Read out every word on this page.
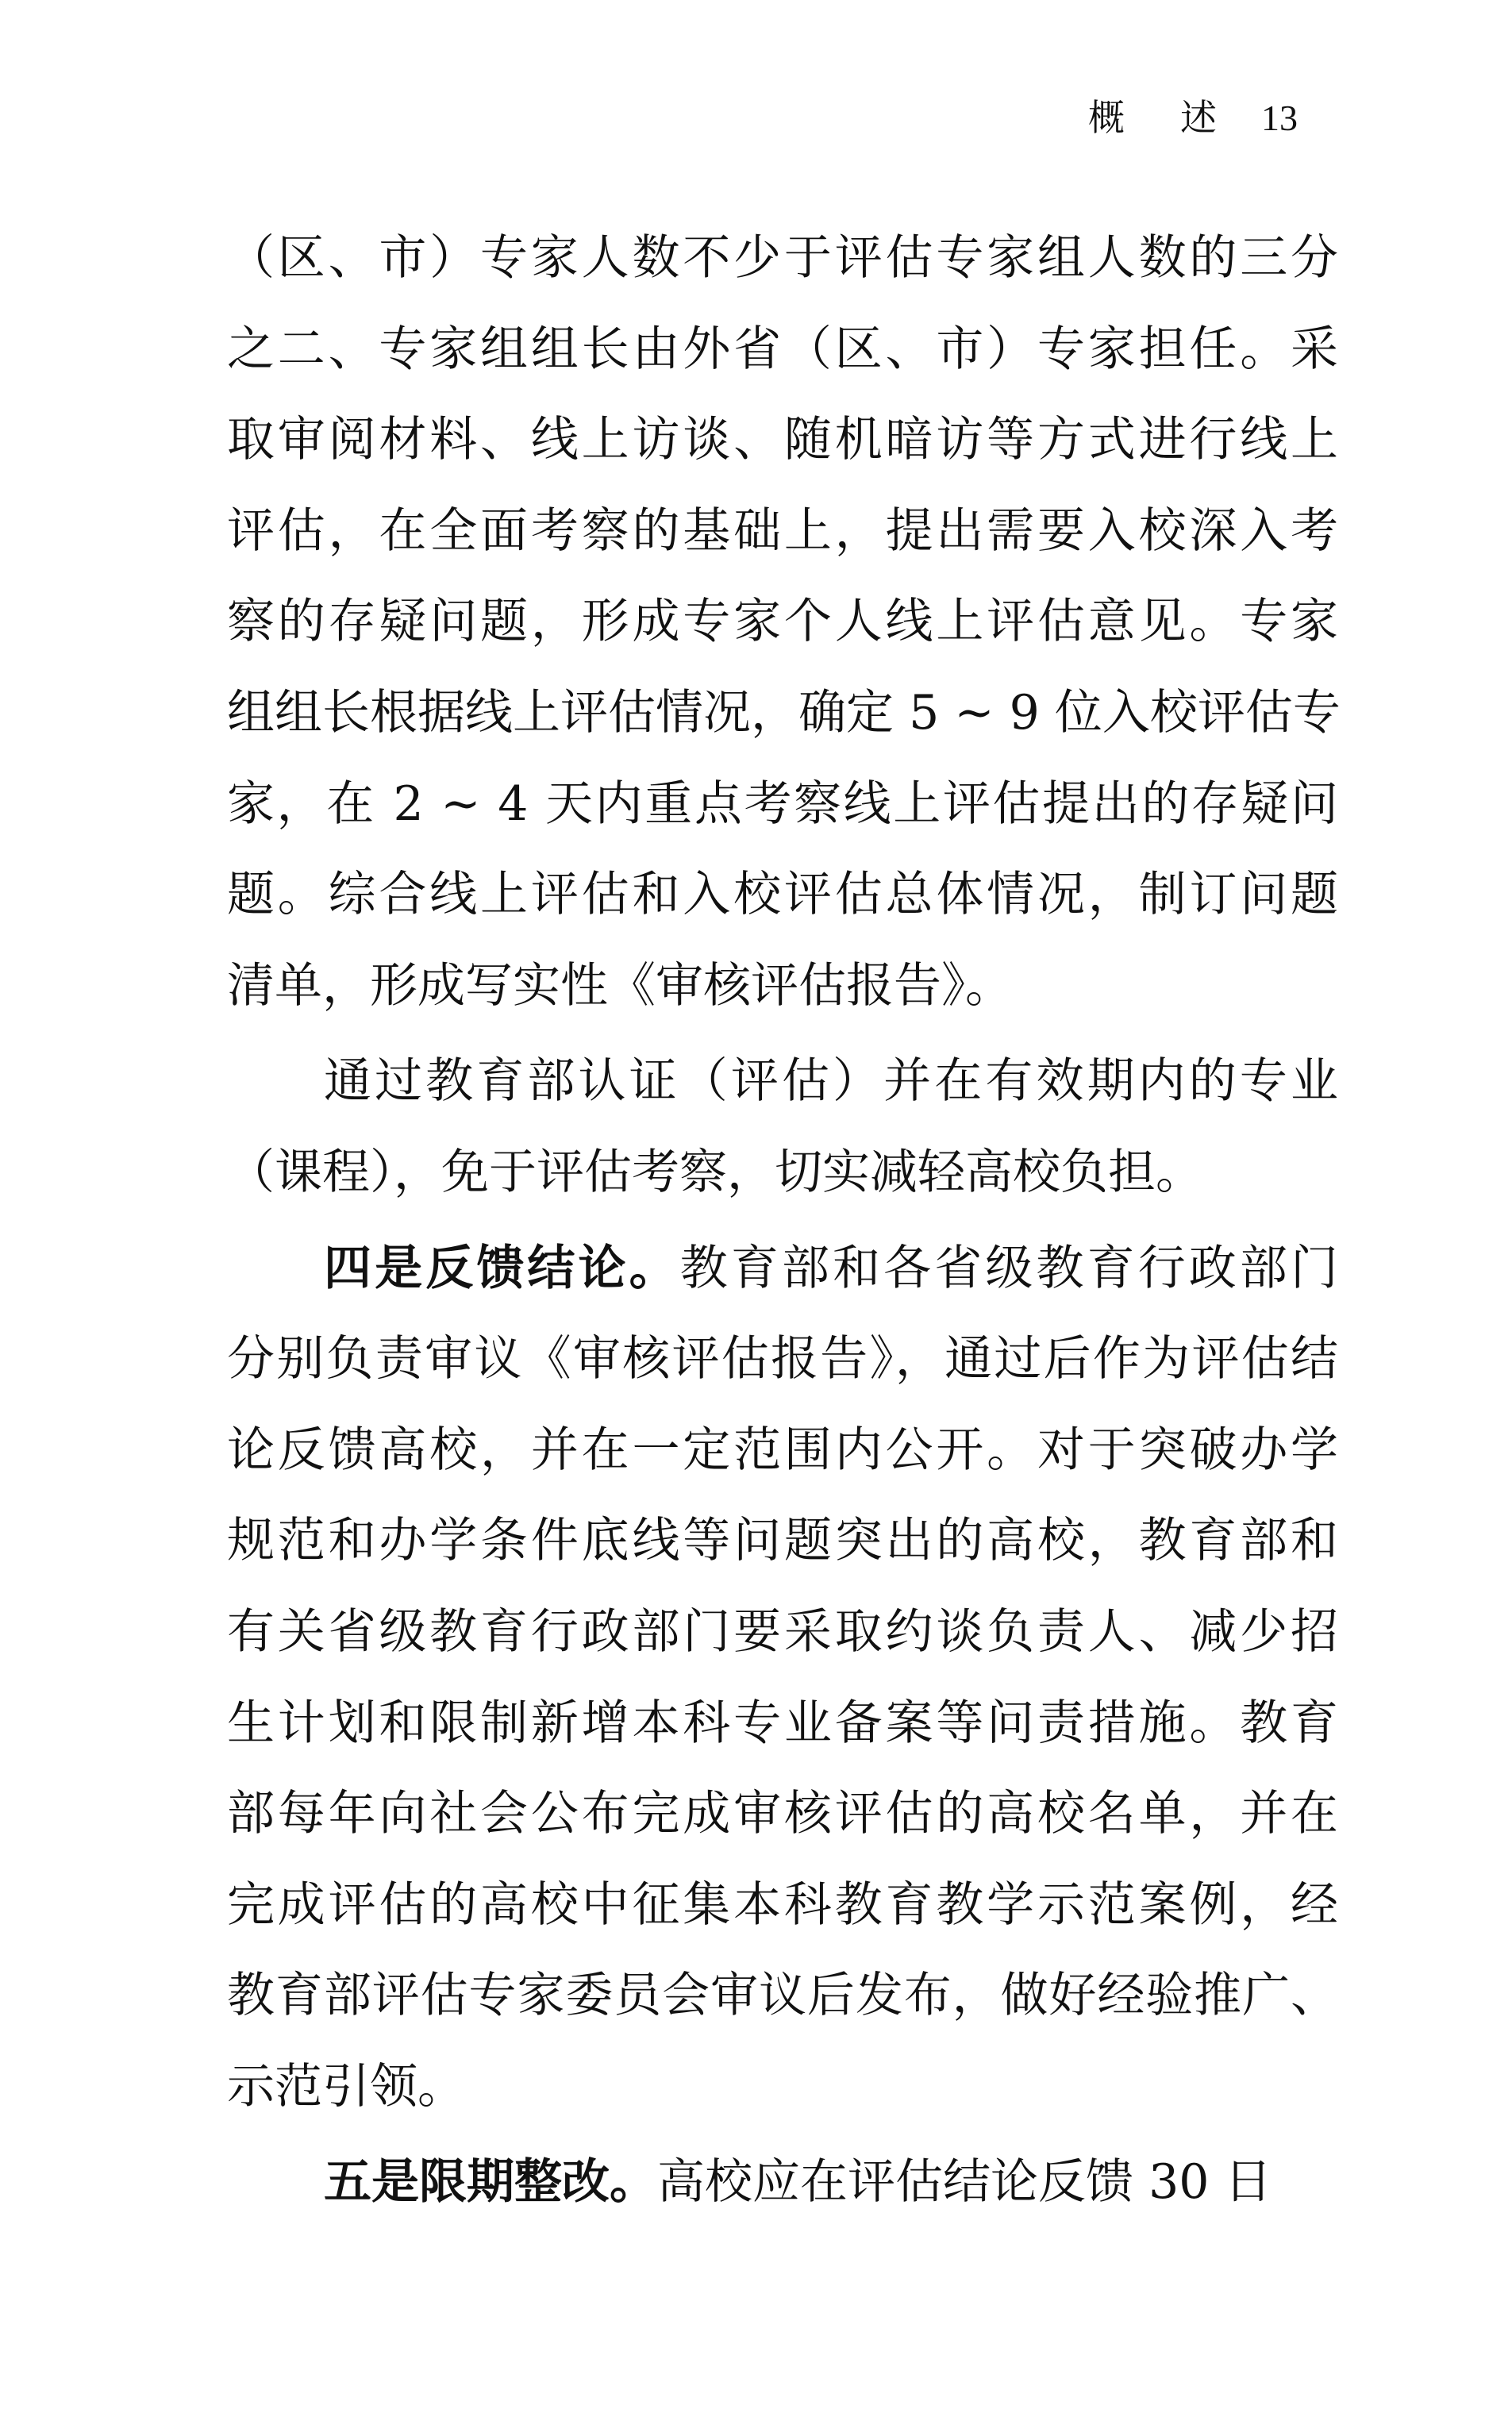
概 述 13
（区、市）专家人数不少于评估专家组人数的三分
之二、专家组组长由外省（区、市）专家担任。采
取审阅材料、线上访谈、随机暗访等方式进行线上
评估，在全面考察的基础上，提出需要入校深入考
察的存疑问题，形成专家个人线上评估意见。专家
组组长根据线上评估情况，确定 5 ~ 9 位入校评估专
家，在 2 ~ 4 天内重点考察线上评估提出的存疑问
题。综合线上评估和入校评估总体情况，制订问题
清单，形成写实性《审核评估报告》。
通过教育部认证（评估）并在有效期内的专业
（课程），免于评估考察，切实减轻高校负担。
四是反馈结论。教育部和各省级教育行政部门
分别负责审议《审核评估报告》，通过后作为评估结
论反馈高校，并在一定范围内公开。对于突破办学
规范和办学条件底线等问题突出的高校，教育部和
有关省级教育行政部门要采取约谈负责人、减少招
生计划和限制新增本科专业备案等问责措施。教育
部每年向社会公布完成审核评估的高校名单，并在
完成评估的高校中征集本科教育教学示范案例，经
教育部评估专家委员会审议后发布，做好经验推广、
示范引领。
五是限期整改。高校应在评估结论反馈 30 日
